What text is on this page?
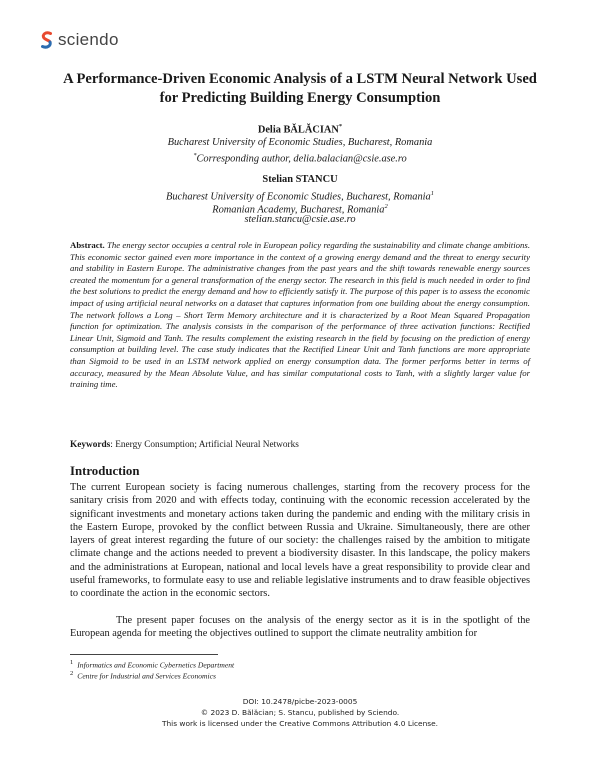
sciendo
A Performance-Driven Economic Analysis of a LSTM Neural Network Used for Predicting Building Energy Consumption
Delia BĂLĂCIAN*
Bucharest University of Economic Studies, Bucharest, Romania
*Corresponding author, delia.balacian@csie.ase.ro
Stelian STANCU
Bucharest University of Economic Studies, Bucharest, Romania$^1$
Romanian Academy, Bucharest, Romania$^2$
stelian.stancu@csie.ase.ro
Abstract. The energy sector occupies a central role in European policy regarding the sustainability and climate change ambitions. This economic sector gained even more importance in the context of a growing energy demand and the threat to energy security and stability in Eastern Europe. The administrative changes from the past years and the shift towards renewable energy sources created the momentum for a general transformation of the energy sector. The research in this field is much needed in order to find the best solutions to predict the energy demand and how to efficiently satisfy it. The purpose of this paper is to assess the economic impact of using artificial neural networks on a dataset that captures information from one building about the energy consumption. The network follows a Long – Short Term Memory architecture and it is characterized by a Root Mean Squared Propagation function for optimization. The analysis consists in the comparison of the performance of three activation functions: Rectified Linear Unit, Sigmoid and Tanh. The results complement the existing research in the field by focusing on the prediction of energy consumption at building level. The case study indicates that the Rectified Linear Unit and Tanh functions are more appropriate than Sigmoid to be used in an LSTM network applied on energy consumption data. The former performs better in terms of accuracy, measured by the Mean Absolute Value, and has similar computational costs to Tanh, with a slightly larger value for training time.
Keywords: Energy Consumption; Artificial Neural Networks
Introduction
The current European society is facing numerous challenges, starting from the recovery process for the sanitary crisis from 2020 and with effects today, continuing with the economic recession accelerated by the significant investments and monetary actions taken during the pandemic and ending with the military crisis in the Eastern Europe, provoked by the conflict between Russia and Ukraine. Simultaneously, there are other layers of great interest regarding the future of our society: the challenges raised by the ambition to mitigate climate change and the actions needed to prevent a biodiversity disaster. In this landscape, the policy makers and the administrations at European, national and local levels have a great responsibility to provide clear and useful frameworks, to formulate easy to use and reliable legislative instruments and to draw feasible objectives to coordinate the action in the economic sectors.
The present paper focuses on the analysis of the energy sector as it is in the spotlight of the European agenda for meeting the objectives outlined to support the climate neutrality ambition for
$^1$ Informatics and Economic Cybernetics Department
$^2$ Centre for Industrial and Services Economics
DOI: 10.2478/picbe-2023-0005
© 2023 D. Bălăcian; S. Stancu, published by Sciendo.
This work is licensed under the Creative Commons Attribution 4.0 License.
